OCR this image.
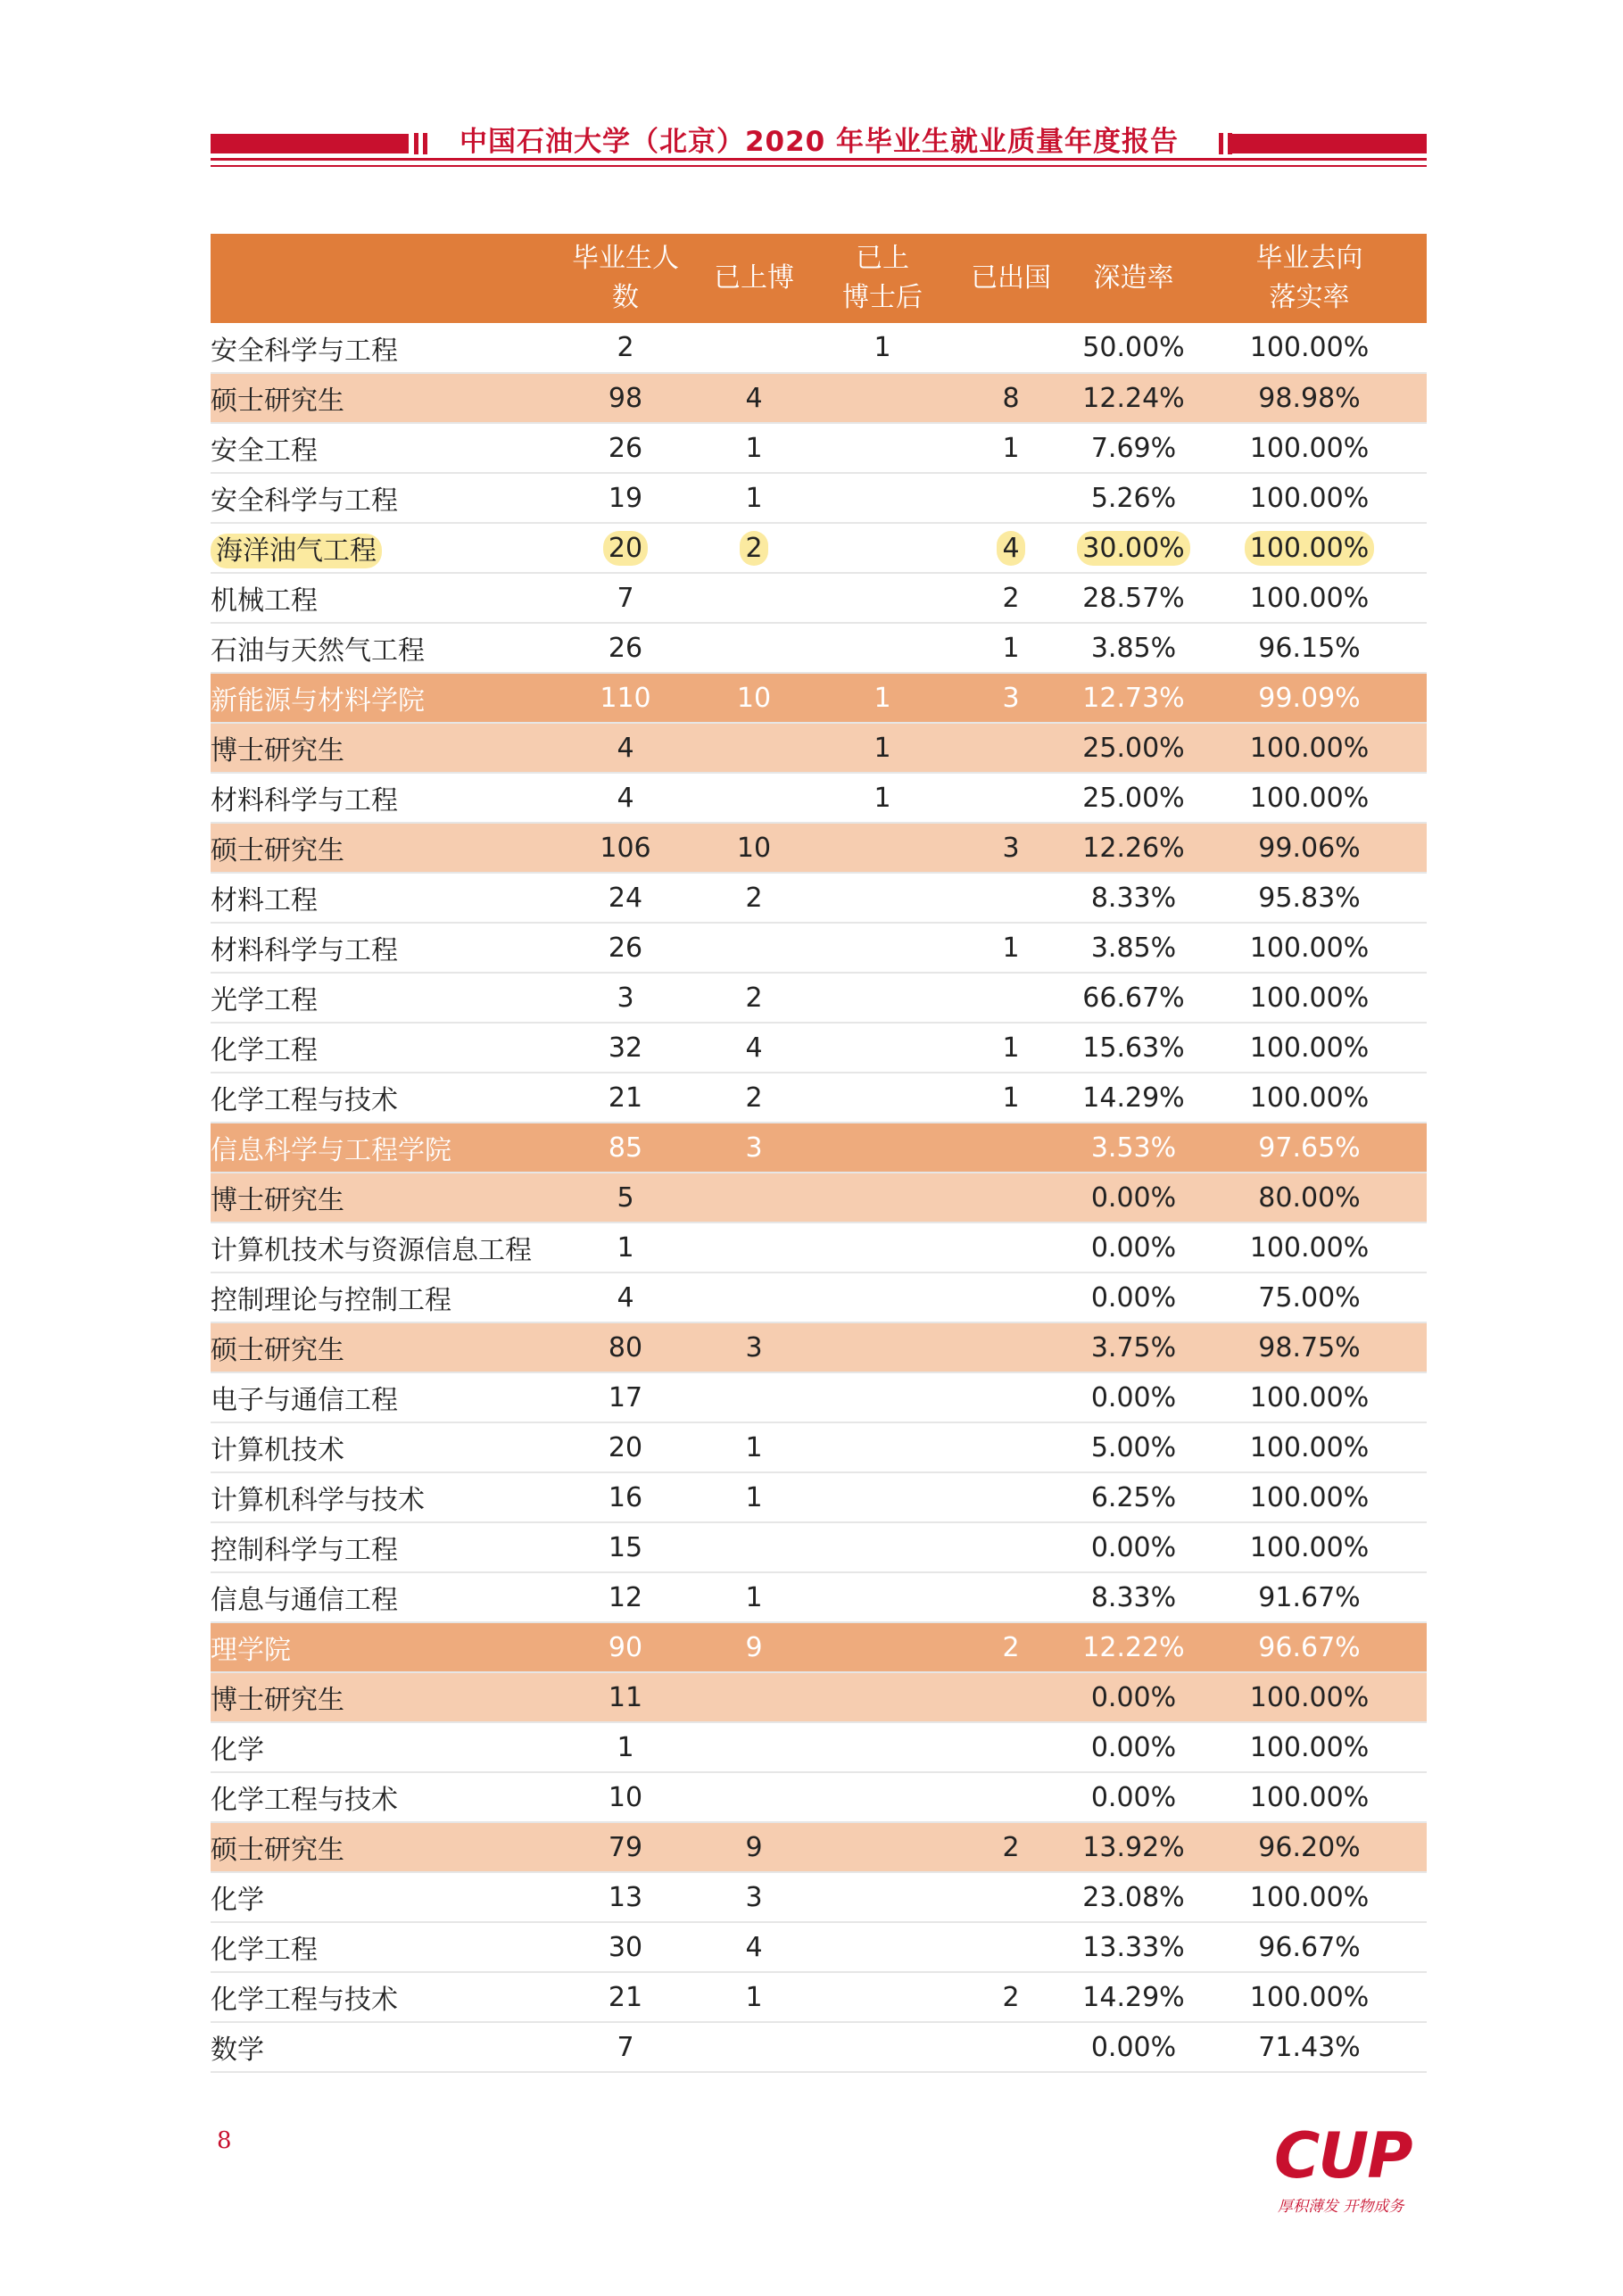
中国石油大学（北京）2020 年毕业生就业质量年度报告
	毕业生人数	已上博	已上
博士后	已出国	深造率	毕业去向
落实率
安全科学与工程	2		1		50.00%	100.00%
硕士研究生	98	4		8	12.24%	98.98%
安全工程	26	1		1	7.69%	100.00%
安全科学与工程	19	1			5.26%	100.00%
海洋油气工程	20	2		4	30.00%	100.00%
机械工程	7			2	28.57%	100.00%
石油与天然气工程	26			1	3.85%	96.15%
新能源与材料学院	110	10	1	3	12.73%	99.09%
博士研究生	4		1		25.00%	100.00%
材料科学与工程	4		1		25.00%	100.00%
硕士研究生	106	10		3	12.26%	99.06%
材料工程	24	2			8.33%	95.83%
材料科学与工程	26			1	3.85%	100.00%
光学工程	3	2			66.67%	100.00%
化学工程	32	4		1	15.63%	100.00%
化学工程与技术	21	2		1	14.29%	100.00%
信息科学与工程学院	85	3			3.53%	97.65%
博士研究生	5				0.00%	80.00%
计算机技术与资源信息工程	1				0.00%	100.00%
控制理论与控制工程	4				0.00%	75.00%
硕士研究生	80	3			3.75%	98.75%
电子与通信工程	17				0.00%	100.00%
计算机技术	20	1			5.00%	100.00%
计算机科学与技术	16	1			6.25%	100.00%
控制科学与工程	15				0.00%	100.00%
信息与通信工程	12	1			8.33%	91.67%
理学院	90	9		2	12.22%	96.67%
博士研究生	11				0.00%	100.00%
化学	1				0.00%	100.00%
化学工程与技术	10				0.00%	100.00%
硕士研究生	79	9		2	13.92%	96.20%
化学	13	3			23.08%	100.00%
化学工程	30	4			13.33%	96.67%
化学工程与技术	21	1		2	14.29%	100.00%
数学	7				0.00%	71.43%
8	CUP
厚积薄发 开物成务
